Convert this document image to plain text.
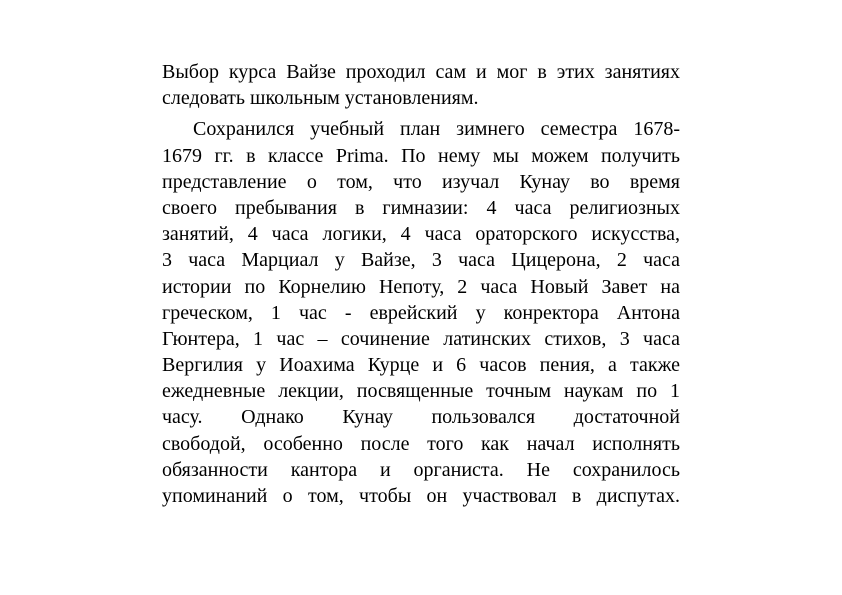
Выбор курса Вайзе проходил сам и мог в этих занятиях
следовать школьным установлениям.
Сохранился учебный план зимнего семестра 1678-
1679 гг. в классе Prima. По нему мы можем получить
представление о том, что изучал Кунау во время
своего пребывания в гимназии: 4 часа религиозных
занятий, 4 часа логики, 4 часа ораторского искусства,
3 часа Марциал у Вайзе, 3 часа Цицерона, 2 часа
истории по Корнелию Непоту, 2 часа Новый Завет на
греческом, 1 час - еврейский у конректора Антона
Гюнтера, 1 час – сочинение латинских стихов, 3 часа
Вергилия у Иоахима Курце и 6 часов пения, а также
ежедневные лекции, посвященные точным наукам по 1
часу. Однако Кунау пользовался достаточной
свободой, особенно после того как начал исполнять
обязанности кантора и органиста. Не сохранилось
упоминаний о том, чтобы он участвовал в диспутах.
